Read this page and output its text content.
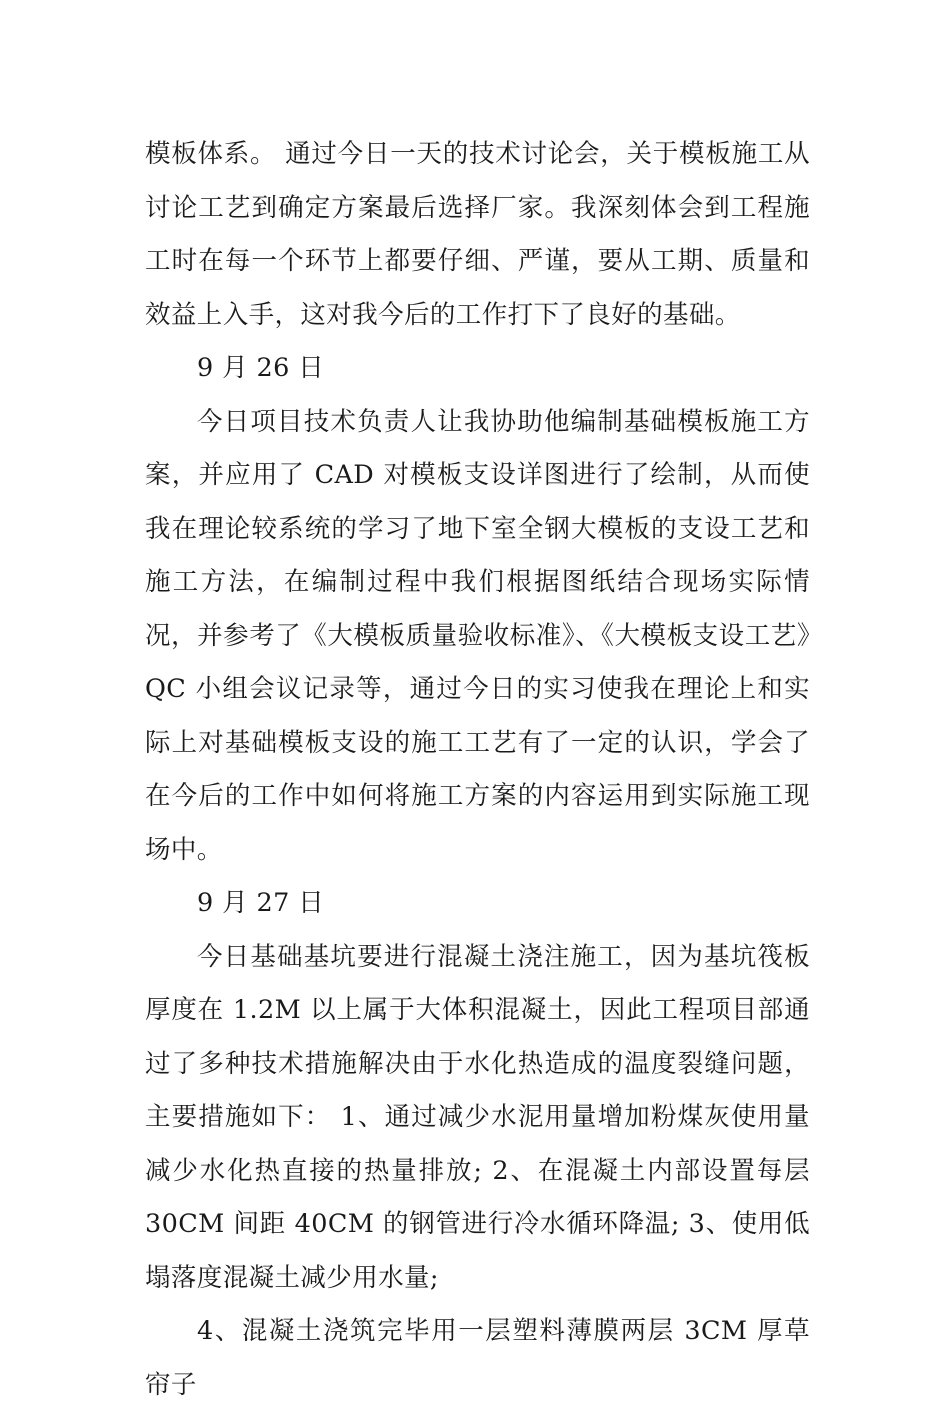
模板体系。 通过今日一天的技术讨论会，关于模板施工从讨论工艺到确定方案最后选择厂家。我深刻体会到工程施工时在每一个环节上都要仔细、严谨，要从工期、质量和效益上入手，这对我今后的工作打下了良好的基础。

9 月 26 日

今日项目技术负责人让我协助他编制基础模板施工方案，并应用了 CAD 对模板支设详图进行了绘制，从而使我在理论较系统的学习了地下室全钢大模板的支设工艺和施工方法，在编制过程中我们根据图纸结合现场实际情况，并参考了《大模板质量验收标准》、《大模板支设工艺》QC 小组会议记录等，通过今日的实习使我在理论上和实际上对基础模板支设的施工工艺有了一定的认识，学会了在今后的工作中如何将施工方案的内容运用到实际施工现场中。

9 月 27 日

今日基础基坑要进行混凝土浇注施工，因为基坑筏板厚度在 1.2M 以上属于大体积混凝土，因此工程项目部通过了多种技术措施解决由于水化热造成的温度裂缝问题，主要措施如下： 1、通过减少水泥用量增加粉煤灰使用量减少水化热直接的热量排放; 2、在混凝土内部设置每层 30CM 间距 40CM 的钢管进行冷水循环降温; 3、使用低塌落度混凝土减少用水量;

4、混凝土浇筑完毕用一层塑料薄膜两层 3CM 厚草帘子
